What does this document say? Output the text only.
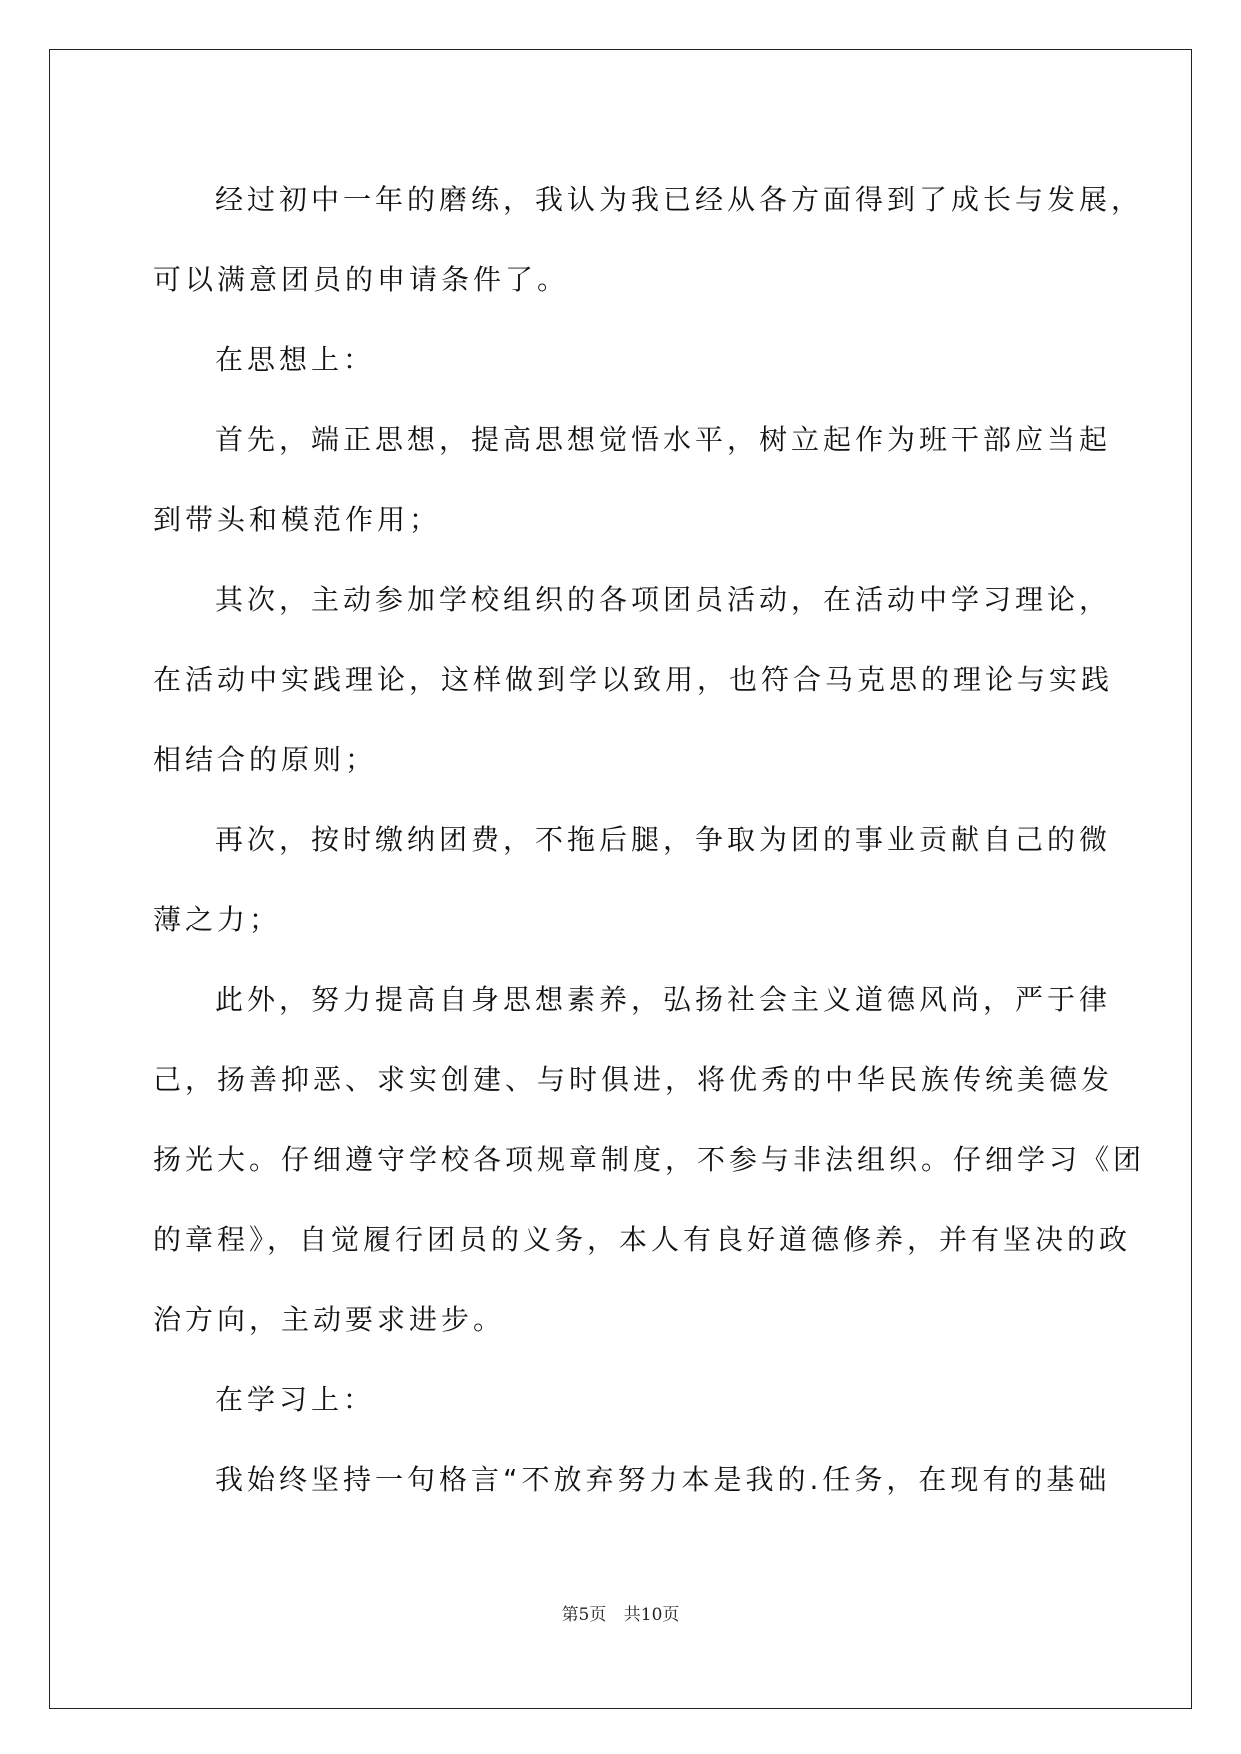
经过初中一年的磨练，我认为我已经从各方面得到了成长与发展，
可以满意团员的申请条件了。
在思想上：
首先，端正思想，提高思想觉悟水平，树立起作为班干部应当起
到带头和模范作用；
其次，主动参加学校组织的各项团员活动，在活动中学习理论，
在活动中实践理论，这样做到学以致用，也符合马克思的理论与实践
相结合的原则；
再次，按时缴纳团费，不拖后腿，争取为团的事业贡献自己的微
薄之力；
此外，努力提高自身思想素养，弘扬社会主义道德风尚，严于律
己，扬善抑恶、求实创建、与时俱进，将优秀的中华民族传统美德发
扬光大。仔细遵守学校各项规章制度，不参与非法组织。仔细学习《团
的章程》，自觉履行团员的义务，本人有良好道德修养，并有坚决的政
治方向，主动要求进步。
在学习上：
我始终坚持一句格言“不放弃努力本是我的.任务，在现有的基础
第5页 共10页
